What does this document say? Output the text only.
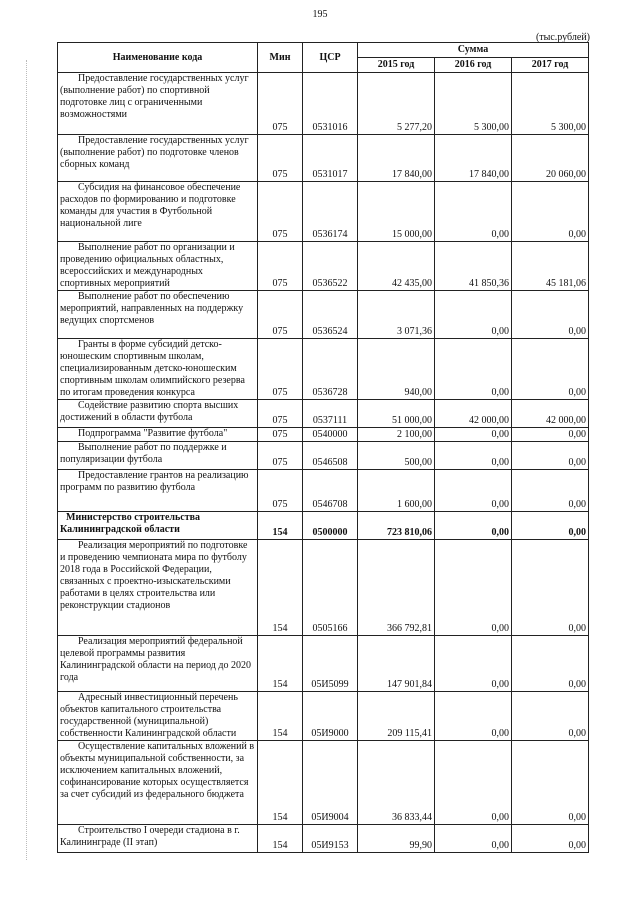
195
(тыс.рублей)
Наименование кода	Мин	ЦСР	Сумма		
			2015 год	2016 год	2017 год
Предоставление государственных услуг (выполнение работ) по спортивной подготовке лиц с ограниченными возможностями	075	0531016	5 277,20	5 300,00	5 300,00
Предоставление государственных услуг (выполнение работ) по подготовке членов сборных команд	075	0531017	17 840,00	17 840,00	20 060,00
Субсидия на финансовое обеспечение расходов по формированию и подготовке команды для участия в Футбольной национальной лиге	075	0536174	15 000,00	0,00	0,00
Выполнение работ по организации и проведению официальных областных, всероссийских и международных спортивных мероприятий	075	0536522	42 435,00	41 850,36	45 181,06
Выполнение работ по обеспечению мероприятий, направленных на поддержку ведущих спортсменов	075	0536524	3 071,36	0,00	0,00
Гранты в форме субсидий детско-юношеским спортивным школам, специализированным детско-юношеским спортивным школам олимпийского резерва по итогам проведения конкурса	075	0536728	940,00	0,00	0,00
Содействие развитию спорта высших достижений в области футбола	075	0537111	51 000,00	42 000,00	42 000,00
Подпрограмма "Развитие футбола"	075	0540000	2 100,00	0,00	0,00
Выполнение работ по поддержке и популяризации футбола	075	0546508	500,00	0,00	0,00
Предоставление грантов на реализацию программ по развитию футбола	075	0546708	1 600,00	0,00	0,00
Министерство строительства Калининградской области	154	0500000	723 810,06	0,00	0,00
Реализация мероприятий по подготовке и проведению чемпионата мира по футболу 2018 года в Российской Федерации, связанных с проектно-изыскательскими работами в целях строительства или реконструкции стадионов	154	0505166	366 792,81	0,00	0,00
Реализация мероприятий федеральной целевой программы развития Калининградской области на период до 2020 года	154	05И5099	147 901,84	0,00	0,00
Адресный инвестиционный перечень объектов капитального строительства государственной (муниципальной) собственности Калининградской области	154	05И9000	209 115,41	0,00	0,00
Осуществление капитальных вложений в объекты муниципальной собственности, за исключением капитальных вложений, софинансирование которых осуществляется за счет субсидий из федерального бюджета	154	05И9004	36 833,44	0,00	0,00
Строительство I очереди стадиона в г. Калининграде (II этап)	154	05И9153	99,90	0,00	0,00
